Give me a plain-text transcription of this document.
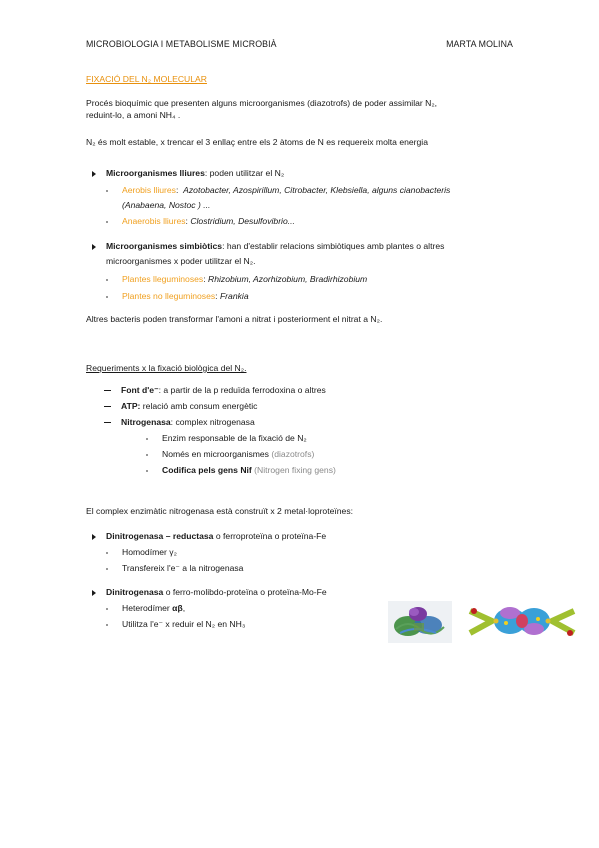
MICROBIOLOGIA I METABOLISME MICROBIÀ	MARTA MOLINA
FIXACIÓ DEL N₂ MOLECULAR
Procés bioquímic que presenten alguns microorganismes (diazotrofs) de poder assimilar N₂,
reduint-lo, a amoni NH₄ .
N₂ és molt estable, x trencar el 3 enllaç entre els 2 àtoms de N es requereix molta energia
Microorganismes lliures: poden utilitzar el N₂
Aerobis lliures: Azotobacter, Azospirillum, Citrobacter, Klebsiella, alguns cianobacteris
(Anabaena, Nostoc ) ...
Anaerobis lliures: Clostridium, Desulfovibrio...
Microorganismes simbiòtics: han d'establir relacions simbiòtiques amb plantes o altres
microorganismes x poder utilitzar el N₂.
Plantes lleguminoses: Rhizobium, Azorhizobium, Bradirhizobium
Plantes no lleguminoses: Frankia
Altres bacteris poden transformar l'amoni a nitrat i posteriorment el nitrat a N₂.
Requeriments x la fixació biològica del N₂.
Font d'e⁻: a partir de la p reduïda ferrodoxina o altres
ATP: relació amb consum energètic
Nitrogenasa: complex nitrogenasa
Enzim responsable de la fixació de N₂
Només en microorganismes (diazotrofs)
Codifica pels gens Nif (Nitrogen fixing gens)
El complex enzimàtic nitrogenasa està construït x 2 metal·loproteïnes:
Dinitrogenasa – reductasa o ferroproteïna o proteïna-Fe
Homodímer γ₂
Transfereix l'e⁻ a la nitrogenasa
Dinitrogenasa o ferro-molibdo-proteïna o proteïna-Mo-Fe
Heterodímer αβ,
Utilitza l'e⁻ x reduir el N₂ en NH₃
